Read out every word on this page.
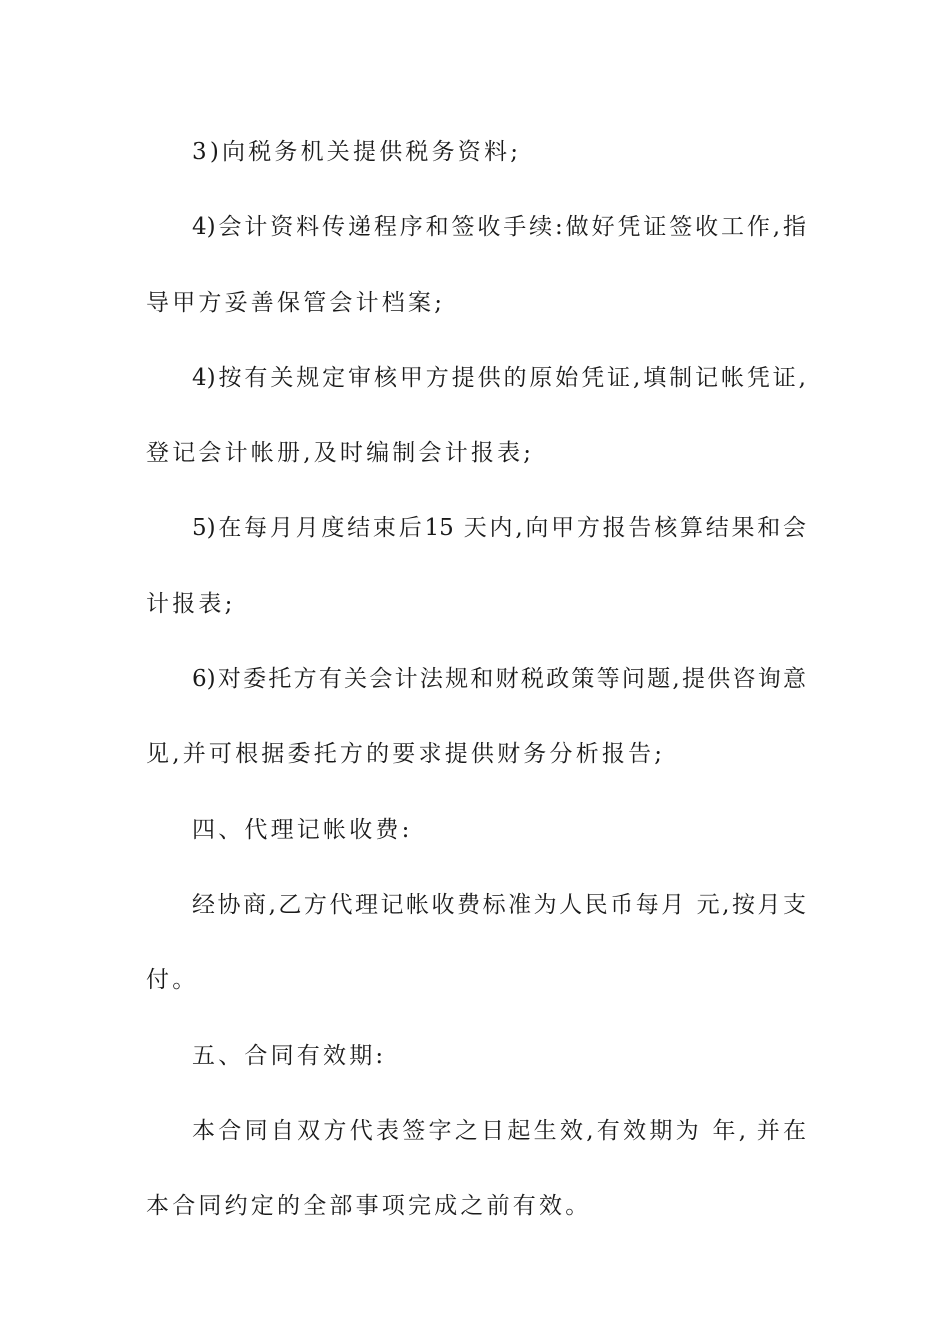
3)向税务机关提供税务资料;
4)会计资料传递程序和签收手续:做好凭证签收工作,指
导甲方妥善保管会计档案;
4)按有关规定审核甲方提供的原始凭证,填制记帐凭证,
登记会计帐册,及时编制会计报表;
5)在每月月度结束后15 天内,向甲方报告核算结果和会
计报表;
6)对委托方有关会计法规和财税政策等问题,提供咨询意
见,并可根据委托方的要求提供财务分析报告;
四、代理记帐收费:
经协商,乙方代理记帐收费标准为人民币每月 元,按月支
付。
五、合同有效期:
本合同自双方代表签字之日起生效,有效期为 年, 并在
本合同约定的全部事项完成之前有效。
